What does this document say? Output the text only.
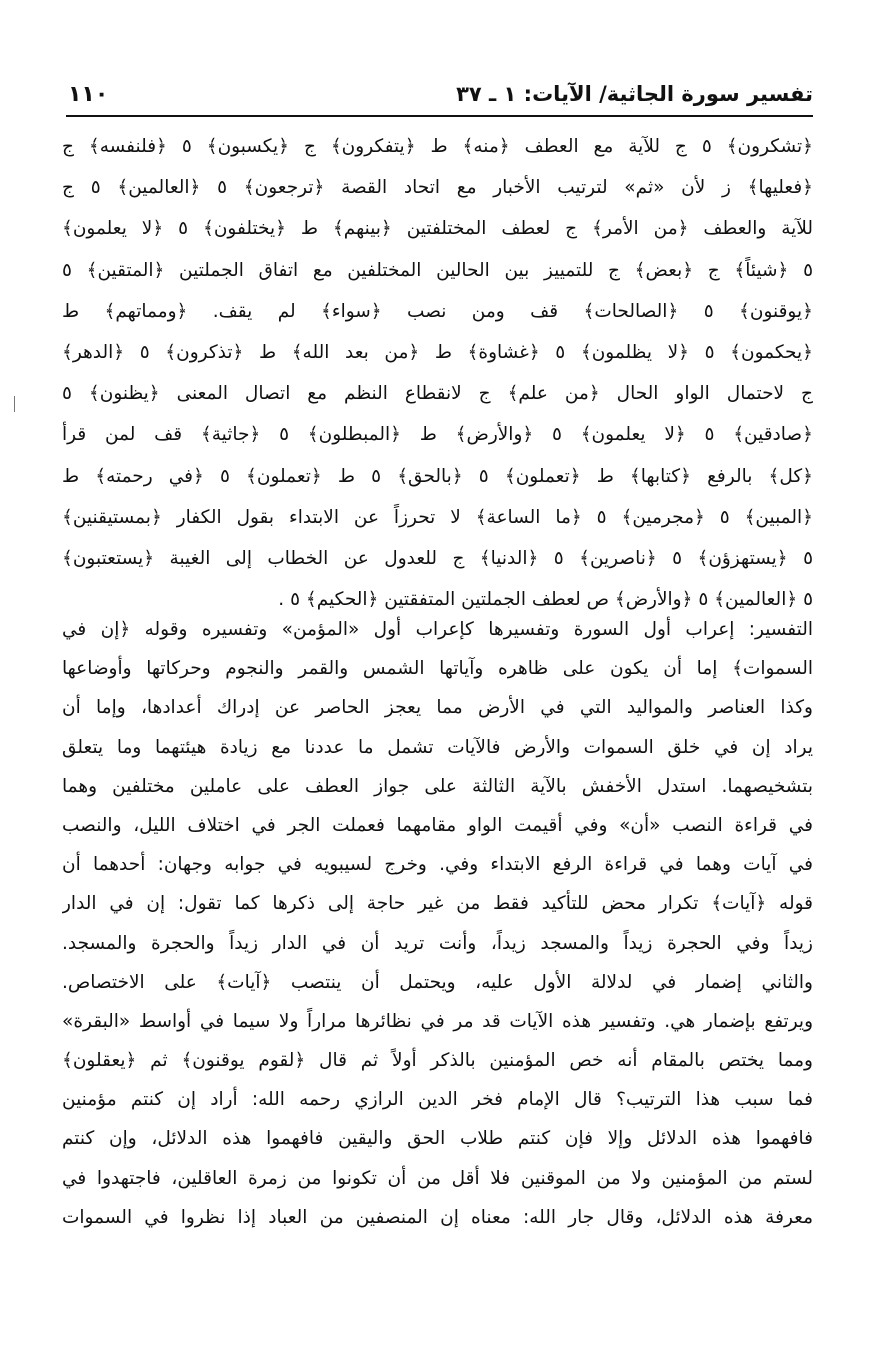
تفسير سورة الجاثية/ الآيات: ١ ـ ٣٧
١١٠
﴿تشكرون﴾ ٥ ج للآية مع العطف ﴿منه﴾ ط ﴿يتفكرون﴾ ج ﴿يكسبون﴾ ٥ ﴿فلنفسه﴾ ج
﴿فعليها﴾ ز لأن «ثم» لترتيب الأخبار مع اتحاد القصة ﴿ترجعون﴾ ٥ ﴿العالمين﴾ ٥ ج
للآية والعطف ﴿من الأمر﴾ ج لعطف المختلفتين ﴿بينهم﴾ ط ﴿يختلفون﴾ ٥ ﴿لا يعلمون﴾
٥ ﴿شيئاً﴾ ج ﴿بعض﴾ ج للتمييز بين الحالين المختلفين مع اتفاق الجملتين ﴿المتقين﴾ ٥
﴿يوقنون﴾ ٥ ﴿الصالحات﴾ قف ومن نصب ﴿سواء﴾ لم يقف. ﴿ومماتهم﴾ ط
﴿يحكمون﴾ ٥ ﴿لا يظلمون﴾ ٥ ﴿غشاوة﴾ ط ﴿من بعد الله﴾ ط ﴿تذكرون﴾ ٥ ﴿الدهر﴾
ج لاحتمال الواو الحال ﴿من علم﴾ ج لانقطاع النظم مع اتصال المعنى ﴿يظنون﴾ ٥
﴿صادقين﴾ ٥ ﴿لا يعلمون﴾ ٥ ﴿والأرض﴾ ط ﴿المبطلون﴾ ٥ ﴿جاثية﴾ قف لمن قرأ
﴿كل﴾ بالرفع ﴿كتابها﴾ ط ﴿تعملون﴾ ٥ ﴿بالحق﴾ ٥ ط ﴿تعملون﴾ ٥ ﴿في رحمته﴾ ط
﴿المبين﴾ ٥ ﴿مجرمين﴾ ٥ ﴿ما الساعة﴾ لا تحرزاً عن الابتداء بقول الكفار ﴿بمستيقنين﴾
٥ ﴿يستهزؤن﴾ ٥ ﴿ناصرين﴾ ٥ ﴿الدنيا﴾ ج للعدول عن الخطاب إلى الغيبة ﴿يستعتبون﴾
٥ ﴿العالمين﴾ ٥ ﴿والأرض﴾ ص لعطف الجملتين المتفقتين ﴿الحكيم﴾ ٥ .
التفسير: إعراب أول السورة وتفسيرها كإعراب أول «المؤمن» وتفسيره وقوله ﴿إن في
السموات﴾ إما أن يكون على ظاهره وآياتها الشمس والقمر والنجوم وحركاتها وأوضاعها
وكذا العناصر والمواليد التي في الأرض مما يعجز الحاصر عن إدراك أعدادها، وإما أن
يراد إن في خلق السموات والأرض فالآيات تشمل ما عددنا مع زيادة هيئتهما وما يتعلق
بتشخيصهما. استدل الأخفش بالآية الثالثة على جواز العطف على عاملين مختلفين وهما
في قراءة النصب «أن» وفي أقيمت الواو مقامهما فعملت الجر في اختلاف الليل، والنصب
في آيات وهما في قراءة الرفع الابتداء وفي. وخرج لسيبويه في جوابه وجهان: أحدهما أن
قوله ﴿آيات﴾ تكرار محض للتأكيد فقط من غير حاجة إلى ذكرها كما تقول: إن في الدار
زيداً وفي الحجرة زيداً والمسجد زيداً، وأنت تريد أن في الدار زيداً والحجرة والمسجد.
والثاني إضمار في لدلالة الأول عليه، ويحتمل أن ينتصب ﴿آيات﴾ على الاختصاص.
ويرتفع بإضمار هي. وتفسير هذه الآيات قد مر في نظائرها مراراً ولا سيما في أواسط «البقرة»
ومما يختص بالمقام أنه خص المؤمنين بالذكر أولاً ثم قال ﴿لقوم يوقنون﴾ ثم ﴿يعقلون﴾
فما سبب هذا الترتيب؟ قال الإمام فخر الدين الرازي رحمه الله: أراد إن كنتم مؤمنين
فافهموا هذه الدلائل وإلا فإن كنتم طلاب الحق واليقين فافهموا هذه الدلائل، وإن كنتم
لستم من المؤمنين ولا من الموقنين فلا أقل من أن تكونوا من زمرة العاقلين، فاجتهدوا في
معرفة هذه الدلائل، وقال جار الله: معناه إن المنصفين من العباد إذا نظروا في السموات
